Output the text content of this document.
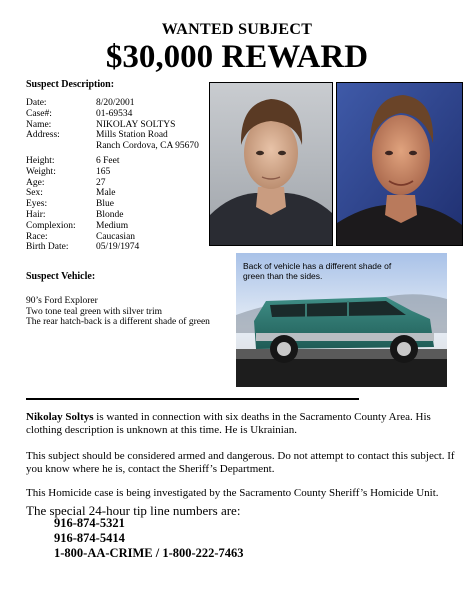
WANTED SUBJECT
$30,000 REWARD
Suspect Description:
Date:	8/20/2001
Case#:	01-69534
Name:	NIKOLAY SOLTYS
Address:	Mills Station Road
Ranch Cordova, CA 95670
Height:	6 Feet
Weight:	165
Age:	27
Sex:	Male
Eyes:	Blue
Hair:	Blonde
Complexion:	Medium
Race:	Caucasian
Birth Date:	05/19/1974
Suspect Vehicle:
90’s Ford Explorer
Two tone teal green with silver trim
The rear hatch-back is a different shade of green
Back of vehicle has a different shade of green than the sides.
Nikolay Soltys is wanted in connection with six deaths in the Sacramento County Area. His clothing description is unknown at this time. He is Ukrainian.
This subject should be considered armed and dangerous. Do not attempt to contact this subject. If you know where he is, contact the Sheriff’s Department.
This Homicide case is being investigated by the Sacramento County Sheriff’s Homicide Unit.
The special 24-hour tip line numbers are:
916-874-5321
916-874-5414
1-800-AA-CRIME / 1-800-222-7463
